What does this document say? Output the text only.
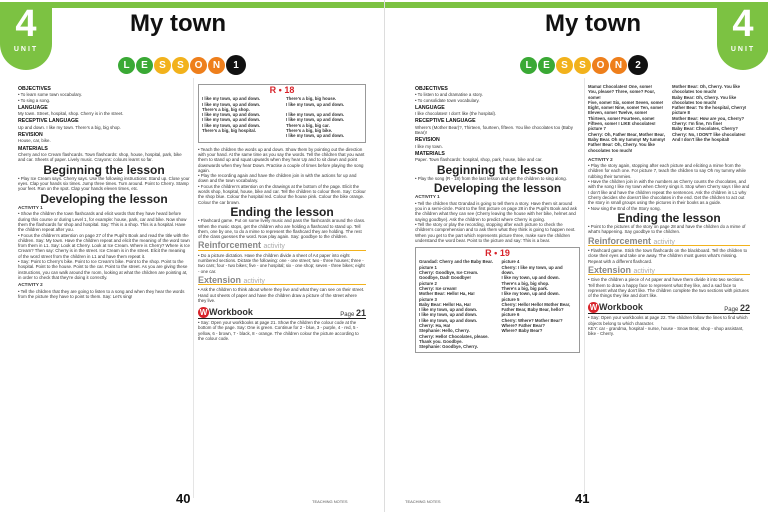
4
UNIT
My town
L	E	S	S	O	N	1
OBJECTIVES
• To learn some town vocabulary.
• To sing a song.
LANGUAGE
My town. Street, hospital, shop. Cherry is in the street.
RECEPTIVE LANGUAGE
Up and down. I like my town. There's a big, big shop.
REVISION
House, car, bike.
MATERIALS
Cherry and Ice Cream flashcards. Town flashcards: shop, house, hospital, park, bike and car. Sheets of paper. Lively music. Crayons: colours learnt so far.
Beginning the lesson
• Play Ice Cream says. Cherry says. Use the following instructions: Stand up. Close your eyes. Clap your hands six times. Jump three times. Turn around. Point to Cherry. Stamp your feet. Run on the spot. Clap your hands eleven times, etc.
Developing the lesson
ACTIVITY 1
• Show the children the town flashcards and elicit words that they have heard before during this course or during Level 1, for example: house, park, car and bike. Now show them the flashcards for shop and hospital. Say: This is a shop. This is a hospital. Have the children repeat after you.
• Focus the children's attention on page 27 of the Pupil's Book and read the title with the children. Say: My town. Have the children repeat and elicit the meaning of the word town from them in L1. Say: Look at Cherry. Look at Ice Cream. Where is Cherry? Where is Ice Cream? Then say: Cherry is in the street. Ice Cream is in the street. Elicit the meaning of the word street from the children in L1 and have them repeat it.
• Say: Point to Cherry's bike. Point to Ice Cream's bike. Point to the shop. Point to the hospital. Point to the house. Point to the car. Point to the street. As you are giving these instructions, you can walk around the room, looking at what the children are pointing at, in order to check that they're doing it correctly.
ACTIVITY 2
• Tell the children that they are going to listen to a song and when they hear the words from the picture they have to point to them. Say: Let's sing!
R • 18
I like my town, up and down.
I like my town, up and down.
There's a big, big shop.
I like my town, up and down.
I like my town, up and down.
I like my town, up and down.
There's a big, big hospital.
There's a big, big house.
I like my town, up and down.

I like my town, up and down.
I like my town, up and down.
There's a big, big car.
There's a big, big bike.
I like my town, up and down.
• Teach the children the words up and down. Show them by pointing out the direction with your hand. At the same time as you say the words. Tell the children that you want them to stand up and squat upwards when they hear Up and to sit down and point downwards when they hear Down. Practise a couple of times before playing the song again.
• Play the recording again and have the children join in with the actions for up and down and the town vocabulary.
• Focus the children's attention on the drawings at the bottom of the page. Elicit the words shop, hospital, house, bike and car. Tell the children to colour them. Say: Colour the shop blue. Colour the hospital red. Colour the house pink. Colour the bike orange. Colour the car brown.
Ending the lesson
• Flashcard game. Put on some lively music and pass the flashcards around the class. When the music stops, get the children who are holding a flashcard to stand up. Tell them, one by one, to do a mime to represent the flashcard they are holding. The rest of the class guesses the word. Now play again. Say: goodbye to the children.
Reinforcement activity
• Do a picture dictation. Have the children divide a sheet of A4 paper into eight numbered sections. Dictate the following: one - one street; two - three houses; three - two cars; four - two bikes; five - one hospital; six - one shop; seven - three bikes; eight - one car.
Extension activity
• Ask the children to think about where they live and what they can see on their street. Hand out sheets of paper and have the children draw a picture of the street where they live.
W Workbook	Page 21
• Say: Open your workbooks at page 21. Show the children the colour code at the bottom of the page. Say: One is green. Continue for 2 - blue, 3 - purple, 4 - red, 5 - yellow, 6 - brown, 7 - black, 8 - orange. The children colour the picture according to the colour code.
40	TEACHING NOTES
4
UNIT
My town
L	E	S	S	O	N	2
OBJECTIVES
• To listen to and dramatise a story.
• To consolidate town vocabulary.
LANGUAGE
I like chocolates! I don't like (the hospital).
RECEPTIVE LANGUAGE
Where's (Mother Bear)?, Thirteen, fourteen, fifteen. You like chocolates too (Baby Bear)!
REVISION
I like my town.
MATERIALS
Paper. Town flashcards: hospital, shop, park, house, bike and car.
Beginning the lesson
• Play the song (R - 18) from the last lesson and get the children to sing along.
Developing the lesson
ACTIVITY 1
• Tell the children that Grandad is going to tell them a story. Have them sit around you in a semi-circle. Point to the first picture on page 28 in the Pupil's Book and ask the children what they can see (Cherry leaving the house with her bike, helmet and saying goodbye). Ask the children to predict where Cherry is going.
• Tell the story or play the recording, stopping after each picture to check the children's comprehension and to ask them what they think is going to happen next. When you get to the part which represents picture three, make sure the children understand the word bear. Point to the picture and say: This is a bear.
R • 19
Grandad: Cherry and the Baby Bear.
picture 1
Cherry: Goodbye, Ice Cream.
Goodbye, Dad! Goodbye!
picture 2
Cherry: Ice cream!
Mother Bear: Hello! Ha, Ha!
picture 3
Baby Bear: Hello! Ha, Ha!
I like my town, up and down.
I like my town, up and down.
I like my town, up and down.
Cherry: Ha, Ha!
Stephanie: Hello, Cherry.
Cherry: Hello! Chocolates, please.
Thank you. Goodbye.
Stephanie: Goodbye, Cherry.
picture 4
Cherry: I like my town, up and down.
I like my town, up and down.
There's a big, big shop.
There's a big, big park.
I like my town, up and down.
picture 5
Cherry: Hello! Hello! Mother Bear, Father Bear, Baby Bear, hello?
picture 6
Cherry: Where? Mother Bear?
Where? Father Bear?
Where? Baby Bear?
Mama! Chocolates! One, some!
You, please? Three, some? Four, some!
Five, some! Six, some! Seven, some! Eight, some! Nine, some! Ten, some! Eleven, some! Twelve, some! Thirteen, some! Fourteen, some! Fifteen, some! I LIKE chocolates!
picture 7
Cherry: Oh, Father Bear, Mother Bear, Baby Bear. Oh my tummy! My tummy!
Father Bear: Oh, Cherry. You like chocolates too much!
Mother Bear: Oh, Cherry. You like chocolates too much!
Baby Bear: Oh, Cherry. You like chocolates too much!
Father Bear: To the hospital, Cherry!
picture 8
Mother Bear: How are you, Cherry?
Cherry: I'm fine, I'm fine!
Baby Bear: Chocolates, Cherry?
Cherry: No, I DON'T like chocolates!
And I don't like the hospital!
ACTIVITY 2
• Play the story again, stopping after each picture and eliciting a mime from the children for each one. For picture 7, teach the children to say Oh my tummy while rubbing their tummies.
• Have the children join in with the numbers as Cherry counts the chocolates, and with the song I like my town when Cherry sings it. Stop when Cherry says I like and I don't like and have the children repeat the sentences. Ask the children in L1 why Cherry decides she doesn't like chocolates in the end. Get the children to act out the story in small groups using the pictures in their books as a guide.
• Now sing the End of the Story song.
Ending the lesson
• Point to the pictures of the story on page 28 and have the children do a mime of what's happening. Say goodbye to the children.
Reinforcement activity
• Flashcard game. Stick the town flashcards on the blackboard. Tell the children to close their eyes and take one away. The children must guess what's missing. Repeat with a different flashcard.
Extension activity
• Give the children a piece of A4 paper and have them divide it into two sections. Tell them to draw a happy face to represent what they like, and a sad face to represent what they don't like. The children complete the two sections with pictures of the things they like and don't like.
W Workbook	Page 22
• Say: Open your workbooks at page 22. The children follow the lines to find which objects belong to which character.
KEY: car - grandma, hospital - nurse, house - Snow Bear, shop - shop assistant, bike - Cherry.
41
TEACHING NOTES
